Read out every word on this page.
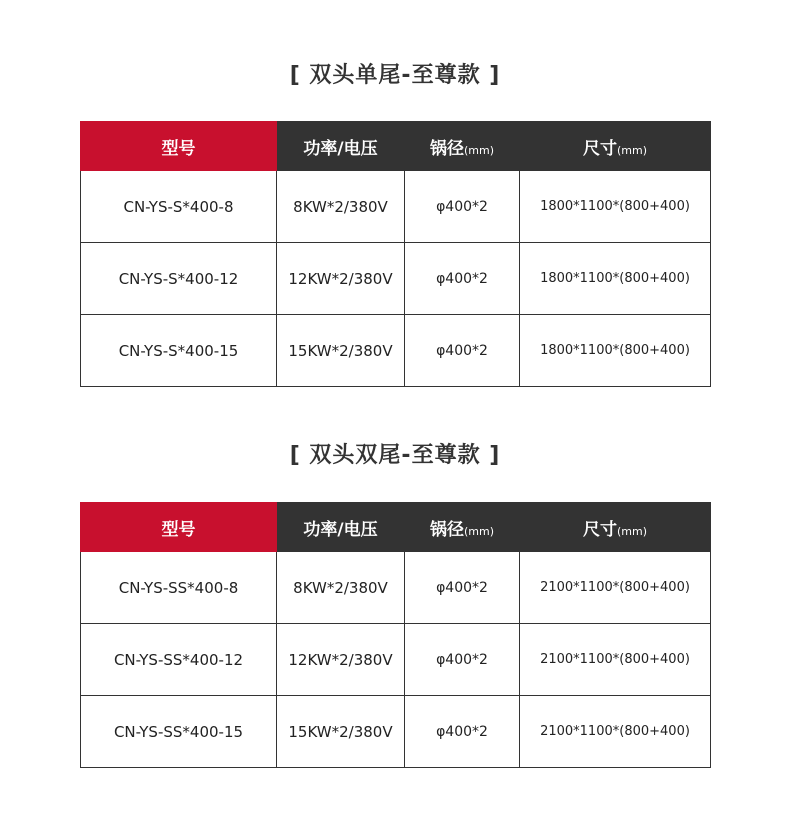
[ 双头单尾-至尊款 ]
型号	功率/电压	锅径(mm)	尺寸(mm)
CN-YS-S*400-8	8KW*2/380V	φ400*2	1800*1100*(800+400)
CN-YS-S*400-12	12KW*2/380V	φ400*2	1800*1100*(800+400)
CN-YS-S*400-15	15KW*2/380V	φ400*2	1800*1100*(800+400)
[ 双头双尾-至尊款 ]
型号	功率/电压	锅径(mm)	尺寸(mm)
CN-YS-SS*400-8	8KW*2/380V	φ400*2	2100*1100*(800+400)
CN-YS-SS*400-12	12KW*2/380V	φ400*2	2100*1100*(800+400)
CN-YS-SS*400-15	15KW*2/380V	φ400*2	2100*1100*(800+400)
